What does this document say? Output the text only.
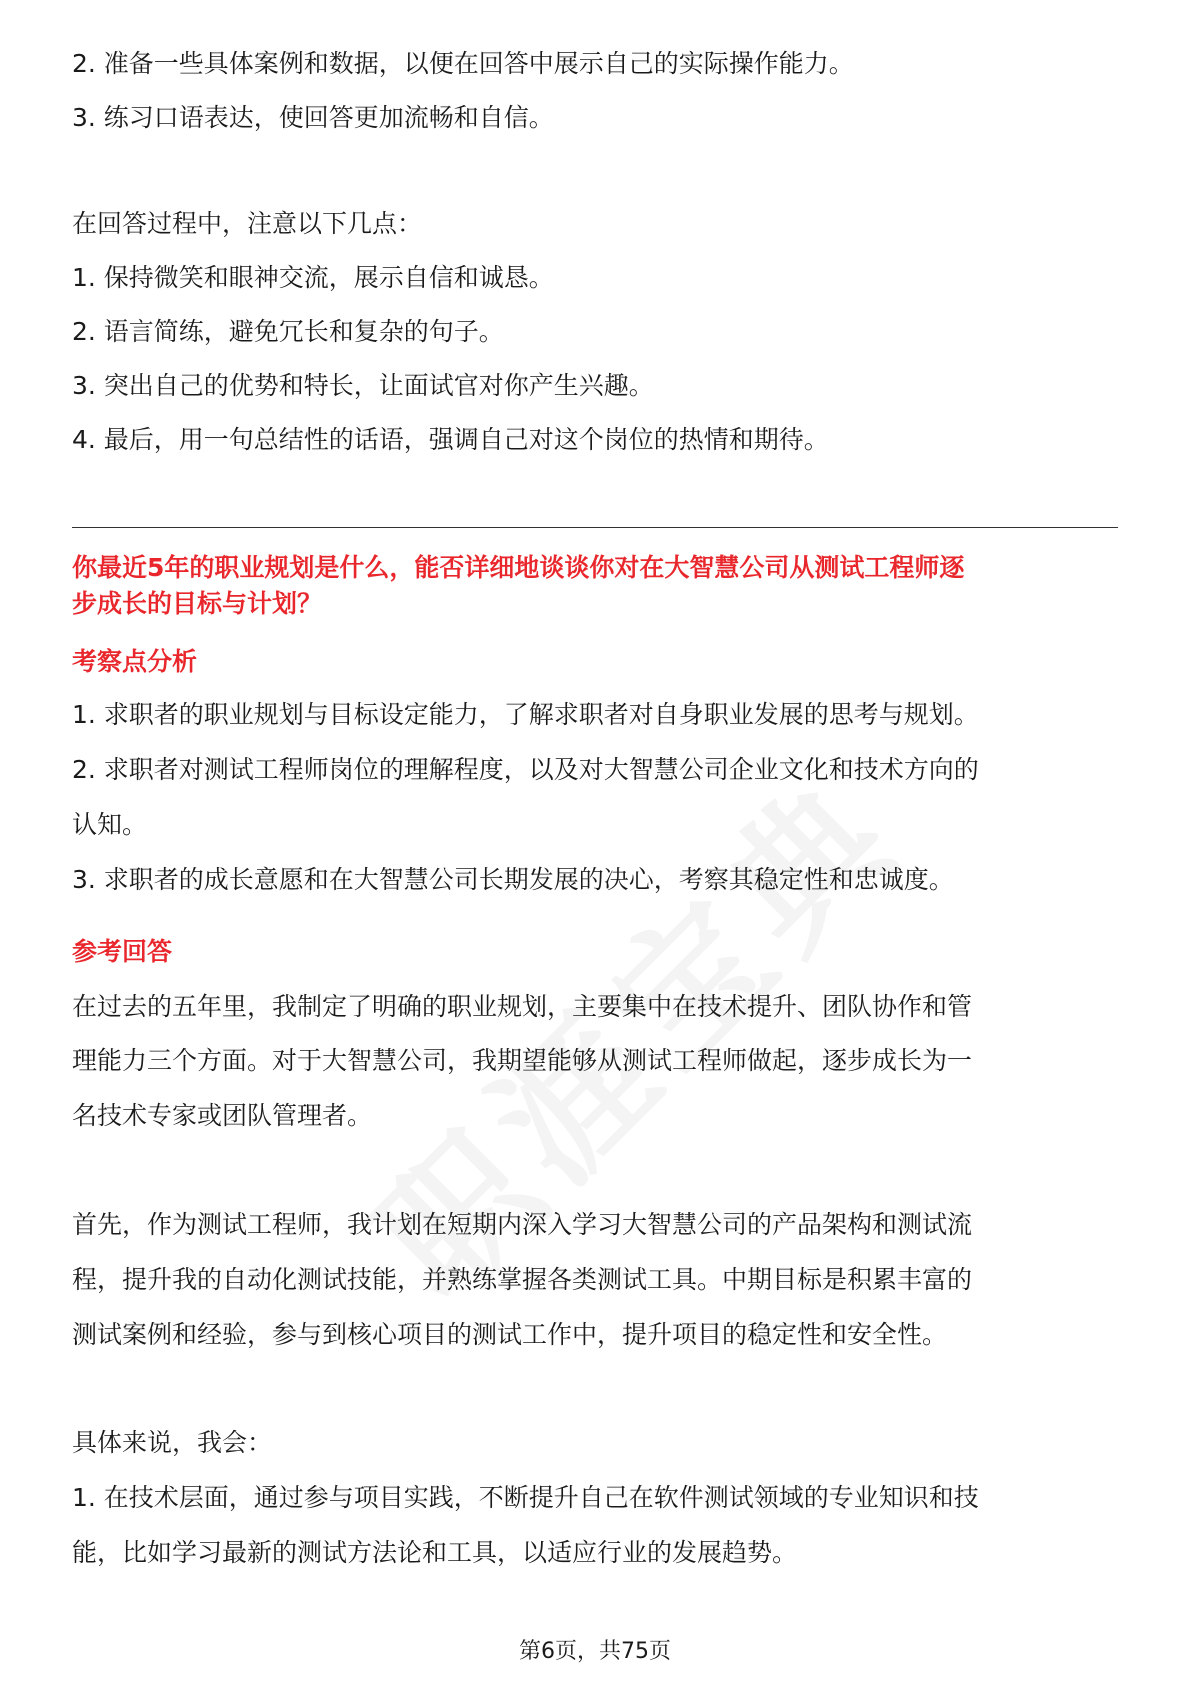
2. 准备一些具体案例和数据，以便在回答中展示自己的实际操作能力。
3. 练习口语表达，使回答更加流畅和自信。
在回答过程中，注意以下几点：
1. 保持微笑和眼神交流，展示自信和诚恳。
2. 语言简练，避免冗长和复杂的句子。
3. 突出自己的优势和特长，让面试官对你产生兴趣。
4. 最后，用一句总结性的话语，强调自己对这个岗位的热情和期待。
你最近5年的职业规划是什么，能否详细地谈谈你对在大智慧公司从测试工程师逐
步成长的目标与计划？
考察点分析
1. 求职者的职业规划与目标设定能力，了解求职者对自身职业发展的思考与规划。
2. 求职者对测试工程师岗位的理解程度，以及对大智慧公司企业文化和技术方向的
认知。
3. 求职者的成长意愿和在大智慧公司长期发展的决心，考察其稳定性和忠诚度。
参考回答
在过去的五年里，我制定了明确的职业规划，主要集中在技术提升、团队协作和管
理能力三个方面。对于大智慧公司，我期望能够从测试工程师做起，逐步成长为一
名技术专家或团队管理者。
首先，作为测试工程师，我计划在短期内深入学习大智慧公司的产品架构和测试流
程，提升我的自动化测试技能，并熟练掌握各类测试工具。中期目标是积累丰富的
测试案例和经验，参与到核心项目的测试工作中，提升项目的稳定性和安全性。
具体来说，我会：
1. 在技术层面，通过参与项目实践，不断提升自己在软件测试领域的专业知识和技
能，比如学习最新的测试方法论和工具，以适应行业的发展趋势。
第6页，共75页
